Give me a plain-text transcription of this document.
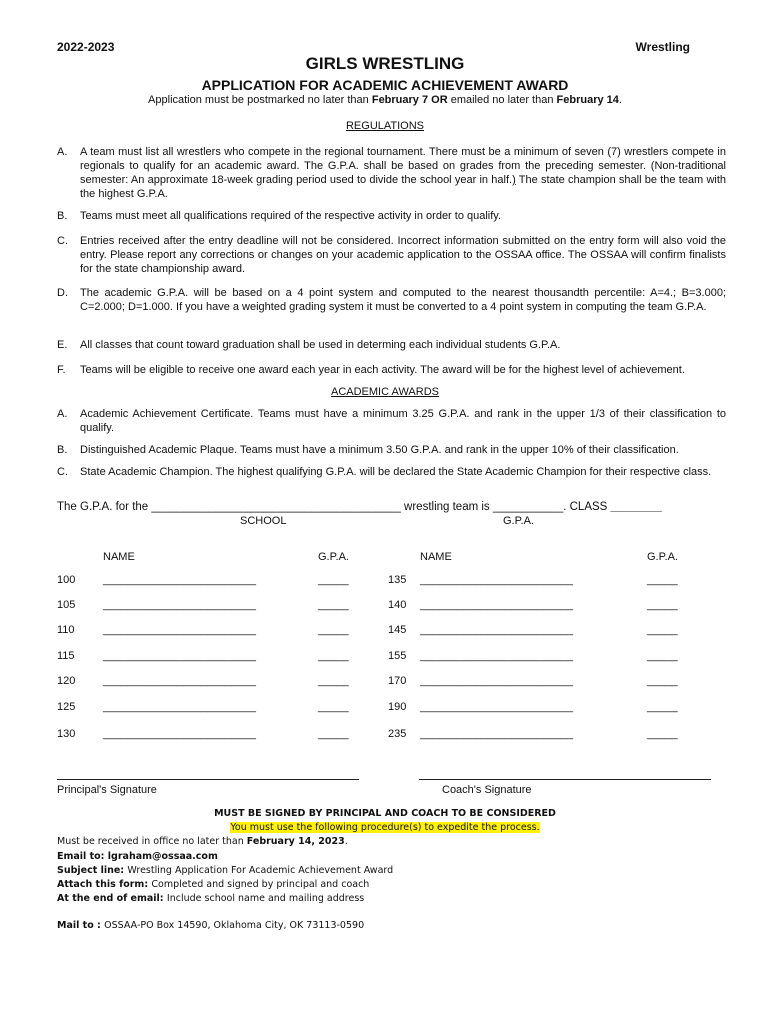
2022-2023	Wrestling
GIRLS WRESTLING
APPLICATION FOR ACADEMIC ACHIEVEMENT AWARD
Application must be postmarked no later than February 7 OR emailed no later than February 14.
REGULATIONS
A. A team must list all wrestlers who compete in the regional tournament. There must be a minimum of seven (7) wrestlers compete in regionals to qualify for an academic award. The G.P.A. shall be based on grades from the preceding semester. (Non-traditional semester: An approximate 18-week grading period used to divide the school year in half.) The state champion shall be the team with the highest G.P.A.
B. Teams must meet all qualifications required of the respective activity in order to qualify.
C. Entries received after the entry deadline will not be considered. Incorrect information submitted on the entry form will also void the entry. Please report any corrections or changes on your academic application to the OSSAA office. The OSSAA will confirm finalists for the state championship award.
D. The academic G.P.A. will be based on a 4 point system and computed to the nearest thousandth percentile: A=4.; B=3.000; C=2.000; D=1.000. If you have a weighted grading system it must be converted to a 4 point system in computing the team G.P.A.
E. All classes that count toward graduation shall be used in determing each individual students G.P.A.
F. Teams will be eligible to receive one award each year in each activity. The award will be for the highest level of achievement.
ACADEMIC AWARDS
A. Academic Achievement Certificate. Teams must have a minimum 3.25 G.P.A. and rank in the upper 1/3 of their classification to qualify.
B. Distinguished Academic Plaque. Teams must have a minimum 3.50 G.P.A. and rank in the upper 10% of their classification.
C. State Academic Champion. The highest qualifying G.P.A. will be declared the State Academic Champion for their respective class.
The G.P.A. for the _______________________________________ wrestling team is ___________. CLASS ________
SCHOOL	G.P.A.
NAME	G.P.A.	NAME	G.P.A.
100	_________________________	_____
105	_________________________	_____
110	_________________________	_____
115	_________________________	_____
120	_________________________	_____
125	_________________________	_____
130	_________________________	_____
135 _________________________	_____
140 _________________________	_____
145 _________________________	_____
155 _________________________	_____
170 _________________________	_____
190 _________________________	_____
235 _________________________	_____
Principal's Signature	Coach's Signature
MUST BE SIGNED BY PRINCIPAL AND COACH TO BE CONSIDERED
You must use the following procedure(s) to expedite the process.
Must be received in office no later than February 14, 2023.
Email to: lgraham@ossaa.com
Subject line: Wrestling Application For Academic Achievement Award
Attach this form: Completed and signed by principal and coach
At the end of email: Include school name and mailing address
Mail to : OSSAA-PO Box 14590, Oklahoma City, OK 73113-0590
